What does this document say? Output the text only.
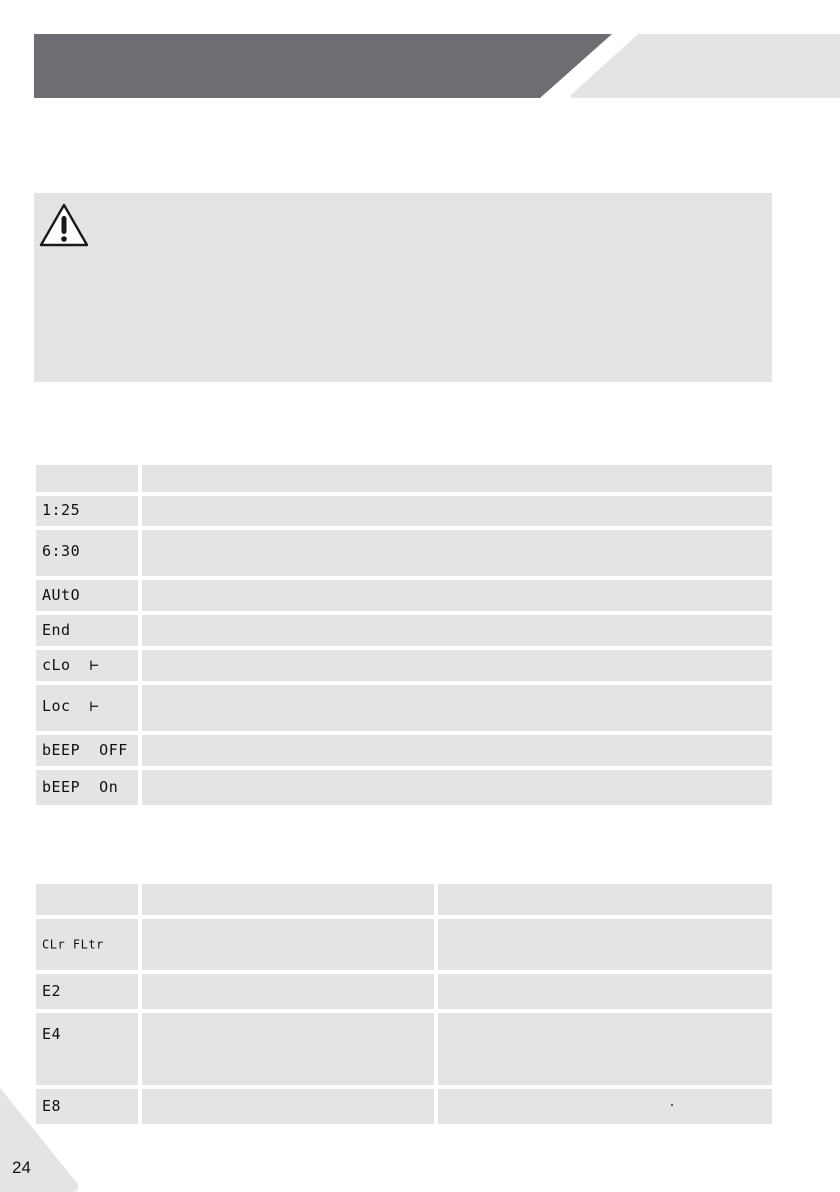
1:25
6:30
AUtO
End
cLo  ⊢
Loc  ⊢
bEEP  OFF
bEEP  On
CLr FLtr
E2
E4
E8
24
